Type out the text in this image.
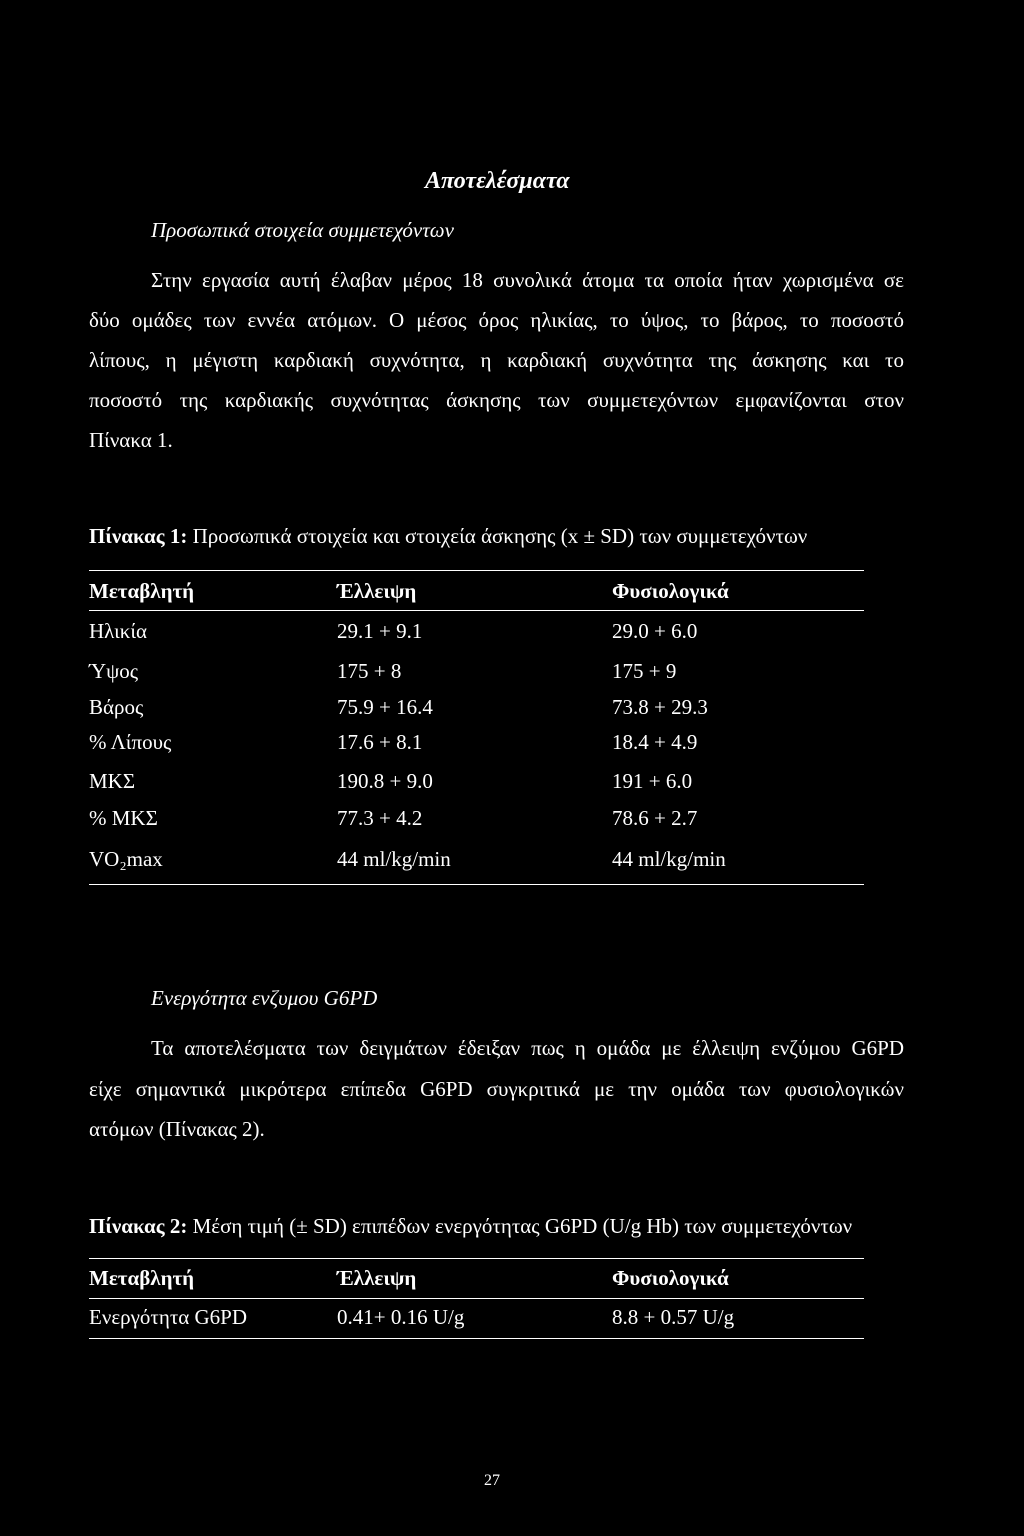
Αποτελέσματα
Προσωπικά στοιχεία συμμετεχόντων
Στην εργασία αυτή έλαβαν μέρος 18 συνολικά άτομα τα οποία ήταν χωρισμένα σε
δύο ομάδες των εννέα ατόμων. Ο μέσος όρος ηλικίας, το ύψος, το βάρος, το ποσοστό
λίπους, η μέγιστη καρδιακή συχνότητα, η καρδιακή συχνότητα της άσκησης και το
ποσοστό της καρδιακής συχνότητας άσκησης των συμμετεχόντων εμφανίζονται στον
Πίνακα 1.
Πίνακας 1: Προσωπικά στοιχεία και στοιχεία άσκησης (x ± SD) των συμμετεχόντων
Μεταβλητή	Έλλειψη	Φυσιολογικά
Ηλικία	29.1 + 9.1	29.0 + 6.0
Ύψος	175 + 8	175 + 9
Βάρος	75.9 + 16.4	73.8 + 29.3
% Λίπους	17.6 + 8.1	18.4 + 4.9
ΜΚΣ	190.8 + 9.0	191 + 6.0
% ΜΚΣ	77.3 + 4.2	78.6 + 2.7
VO₂max	44 ml/kg/min	44 ml/kg/min
Ενεργότητα ενζυμου G6PD
Τα αποτελέσματα των δειγμάτων έδειξαν πως η ομάδα με έλλειψη ενζύμου G6PD
είχε σημαντικά μικρότερα επίπεδα G6PD συγκριτικά με την ομάδα των φυσιολογικών
ατόμων (Πίνακας 2).
Πίνακας 2: Μέση τιμή (± SD) επιπέδων ενεργότητας G6PD (U/g Hb) των συμμετεχόντων
Μεταβλητή	Έλλειψη	Φυσιολογικά
Ενεργότητα G6PD	0.41+ 0.16 U/g	8.8 + 0.57 U/g
27
